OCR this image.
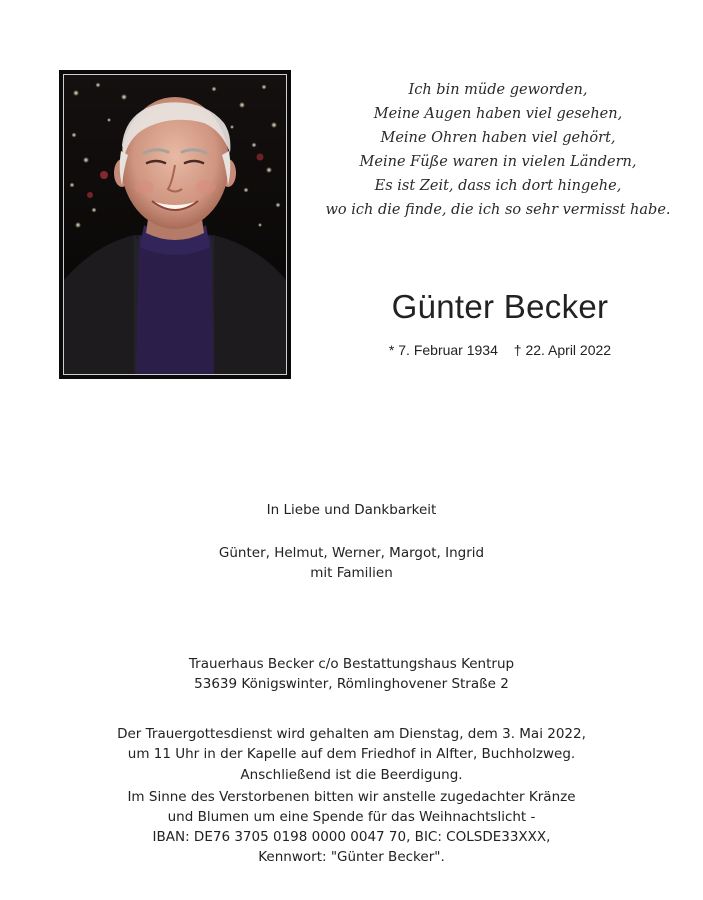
Ich bin müde geworden,
Meine Augen haben viel gesehen,
Meine Ohren haben viel gehört,
Meine Füße waren in vielen Ländern,
Es ist Zeit, dass ich dort hingehe,
wo ich die finde, die ich so sehr vermisst habe.
Günter Becker
* 7. Februar 1934 † 22. April 2022
In Liebe und Dankbarkeit
Günter, Helmut, Werner, Margot, Ingrid
mit Familien
Trauerhaus Becker c/o Bestattungshaus Kentrup
53639 Königswinter, Römlinghovener Straße 2
Der Trauergottesdienst wird gehalten am Dienstag, dem 3. Mai 2022,
um 11 Uhr in der Kapelle auf dem Friedhof in Alfter, Buchholzweg.
Anschließend ist die Beerdigung.
Im Sinne des Verstorbenen bitten wir anstelle zugedachter Kränze
und Blumen um eine Spende für das Weihnachtslicht -
IBAN: DE76 3705 0198 0000 0047 70, BIC: COLSDE33XXX,
Kennwort: "Günter Becker".
